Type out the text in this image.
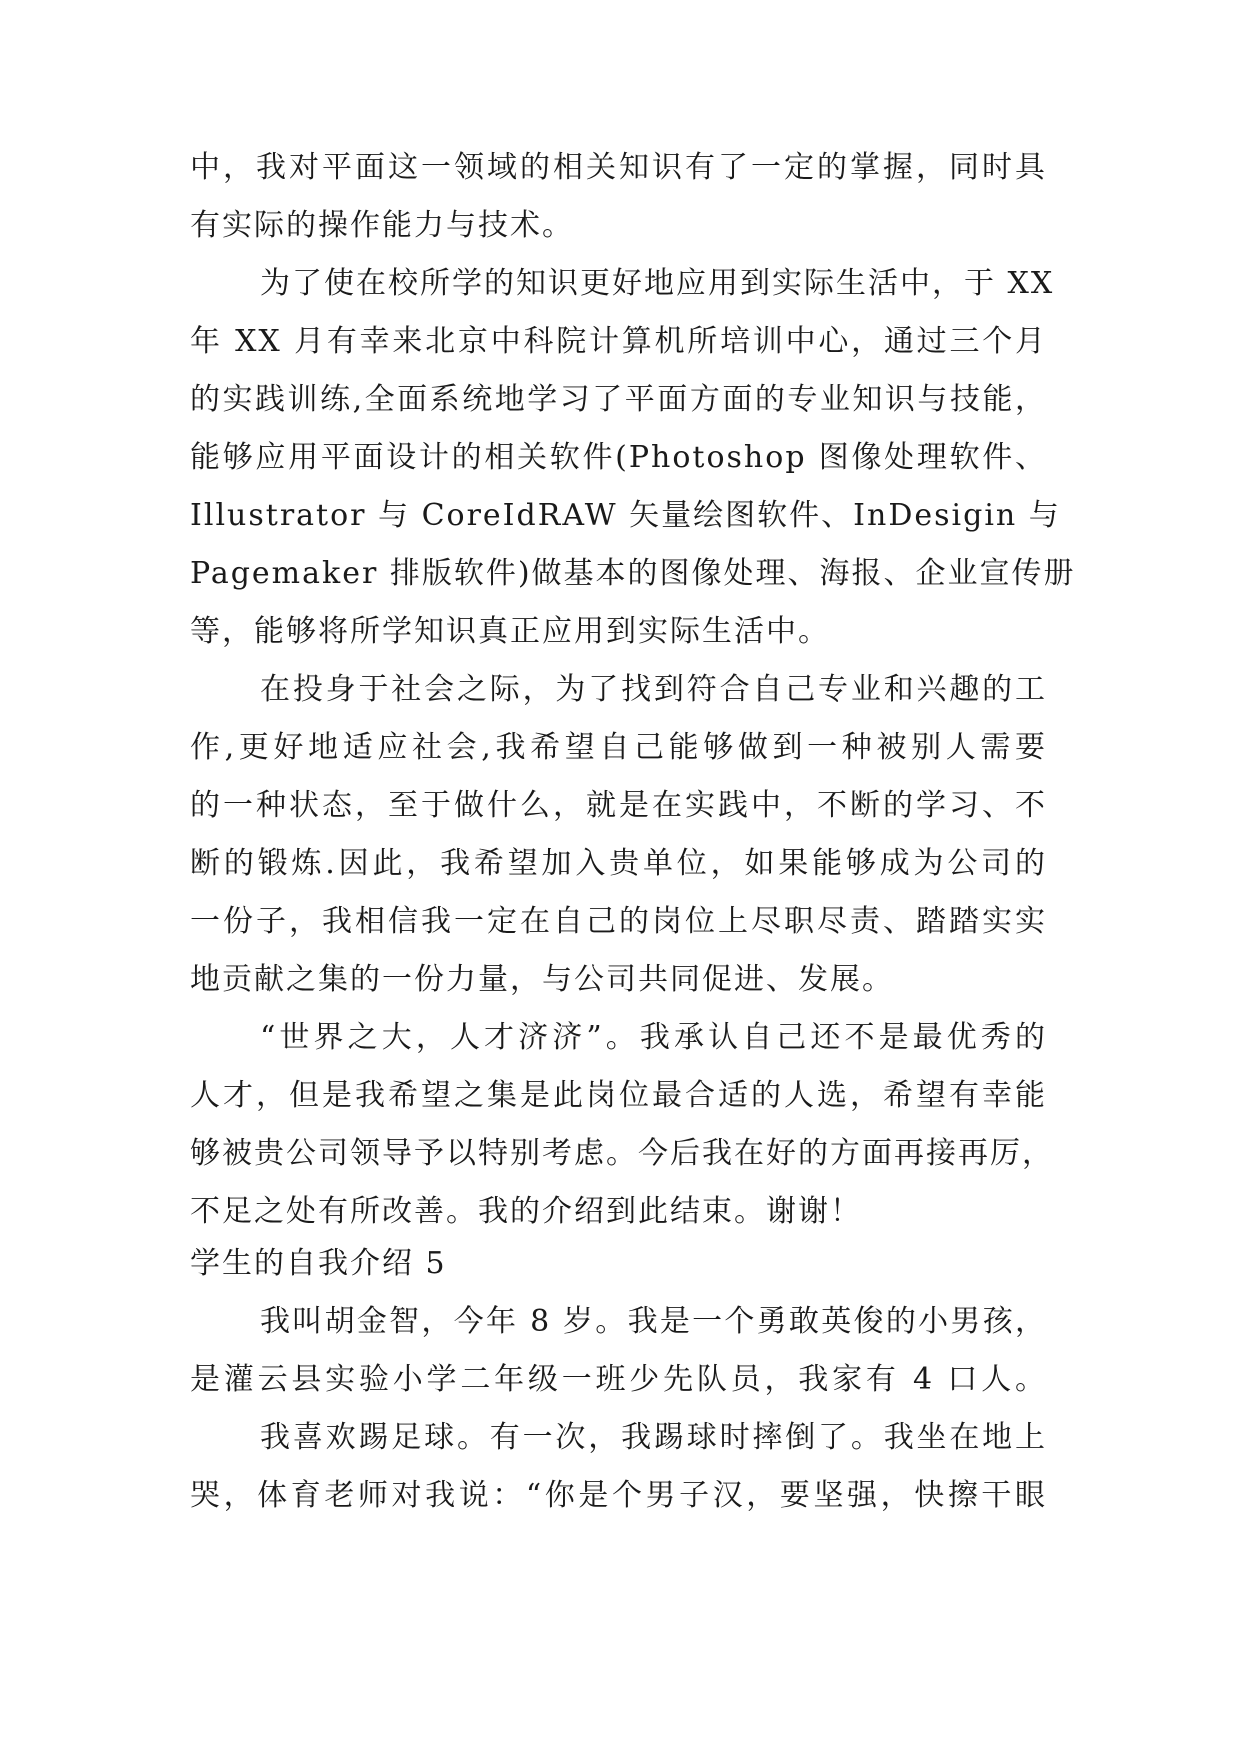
中，我对平面这一领域的相关知识有了一定的掌握，同时具
有实际的操作能力与技术。
为了使在校所学的知识更好地应用到实际生活中，于 XX
年 XX 月有幸来北京中科院计算机所培训中心，通过三个月
的实践训练,全面系统地学习了平面方面的专业知识与技能，
能够应用平面设计的相关软件(Photoshop 图像处理软件、
Illustrator 与 CoreIdRAW 矢量绘图软件、InDesigin 与
Pagemaker 排版软件)做基本的图像处理、海报、企业宣传册
等，能够将所学知识真正应用到实际生活中。
在投身于社会之际，为了找到符合自己专业和兴趣的工
作,更好地适应社会,我希望自己能够做到一种被别人需要
的一种状态，至于做什么，就是在实践中，不断的学习、不
断的锻炼.因此，我希望加入贵单位，如果能够成为公司的
一份子，我相信我一定在自己的岗位上尽职尽责、踏踏实实
地贡献之集的一份力量，与公司共同促进、发展。
“世界之大，人才济济”。我承认自己还不是最优秀的
人才，但是我希望之集是此岗位最合适的人选，希望有幸能
够被贵公司领导予以特别考虑。今后我在好的方面再接再厉，
不足之处有所改善。我的介绍到此结束。谢谢！
学生的自我介绍 5
我叫胡金智，今年 8 岁。我是一个勇敢英俊的小男孩，
是灌云县实验小学二年级一班少先队员，我家有 4 口人。
我喜欢踢足球。有一次，我踢球时摔倒了。我坐在地上
哭，体育老师对我说：“你是个男子汉，要坚强，快擦干眼
